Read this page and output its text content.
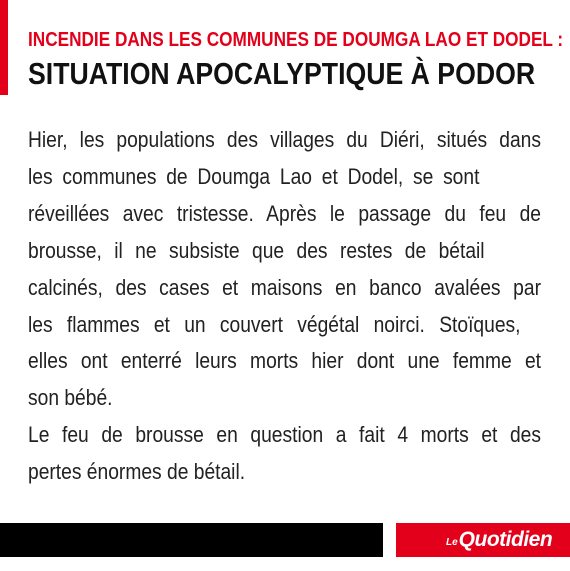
INCENDIE DANS LES COMMUNES DE DOUMGA LAO ET DODEL :
SITUATION APOCALYPTIQUE À PODOR
Hier, les populations des villages du Diéri, situés dans
les communes de Doumga Lao et Dodel, se sont
réveillées avec tristesse. Après le passage du feu de
brousse, il ne subsiste que des restes de bétail
calcinés, des cases et maisons en banco avalées par
les flammes et un couvert végétal noirci. Stoïques,
elles ont enterré leurs morts hier dont une femme et
son bébé.
Le feu de brousse en question a fait 4 morts et des
pertes énormes de bétail.
Le Quotidien
